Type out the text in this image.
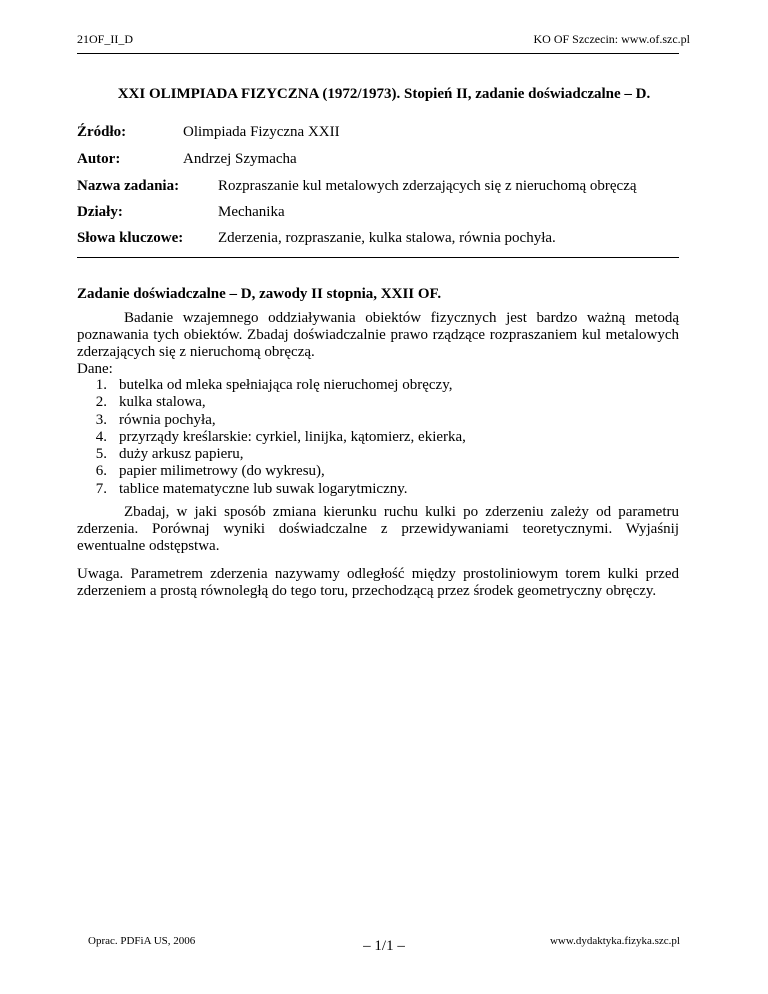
21OF_II_D	KO OF Szczecin: www.of.szc.pl
XXI OLIMPIADA FIZYCZNA (1972/1973). Stopień II, zadanie doświadczalne – D.
Źródło:	Olimpiada Fizyczna XXII
Autor:	Andrzej Szymacha
Nazwa zadania:	Rozpraszanie kul metalowych zderzających się z nieruchomą obręczą
Działy:	Mechanika
Słowa kluczowe: Zderzenia, rozpraszanie, kulka stalowa, równia pochyła.
Zadanie doświadczalne – D, zawody II stopnia, XXII OF.
Badanie wzajemnego oddziaływania obiektów fizycznych jest bardzo ważną metodą poznawania tych obiektów. Zbadaj doświadczalnie prawo rządzące rozpraszaniem kul metalowych zderzających się z nieruchomą obręczą.
Dane:
1. butelka od mleka spełniająca rolę nieruchomej obręczy,
2. kulka stalowa,
3. równia pochyła,
4. przyrządy kreślarskie: cyrkiel, linijka, kątomierz, ekierka,
5. duży arkusz papieru,
6. papier milimetrowy (do wykresu),
7. tablice matematyczne lub suwak logarytmiczny.
Zbadaj, w jaki sposób zmiana kierunku ruchu kulki po zderzeniu zależy od parametru zderzenia. Porównaj wyniki doświadczalne z przewidywaniami teoretycznymi. Wyjaśnij ewentualne odstępstwa.
Uwaga. Parametrem zderzenia nazywamy odległość między prostoliniowym torem kulki przed zderzeniem a prostą równoległą do tego toru, przechodzącą przez środek geometryczny obręczy.
Oprac. PDFiA US, 2006	– 1/1 –	www.dydaktyka.fizyka.szc.pl
